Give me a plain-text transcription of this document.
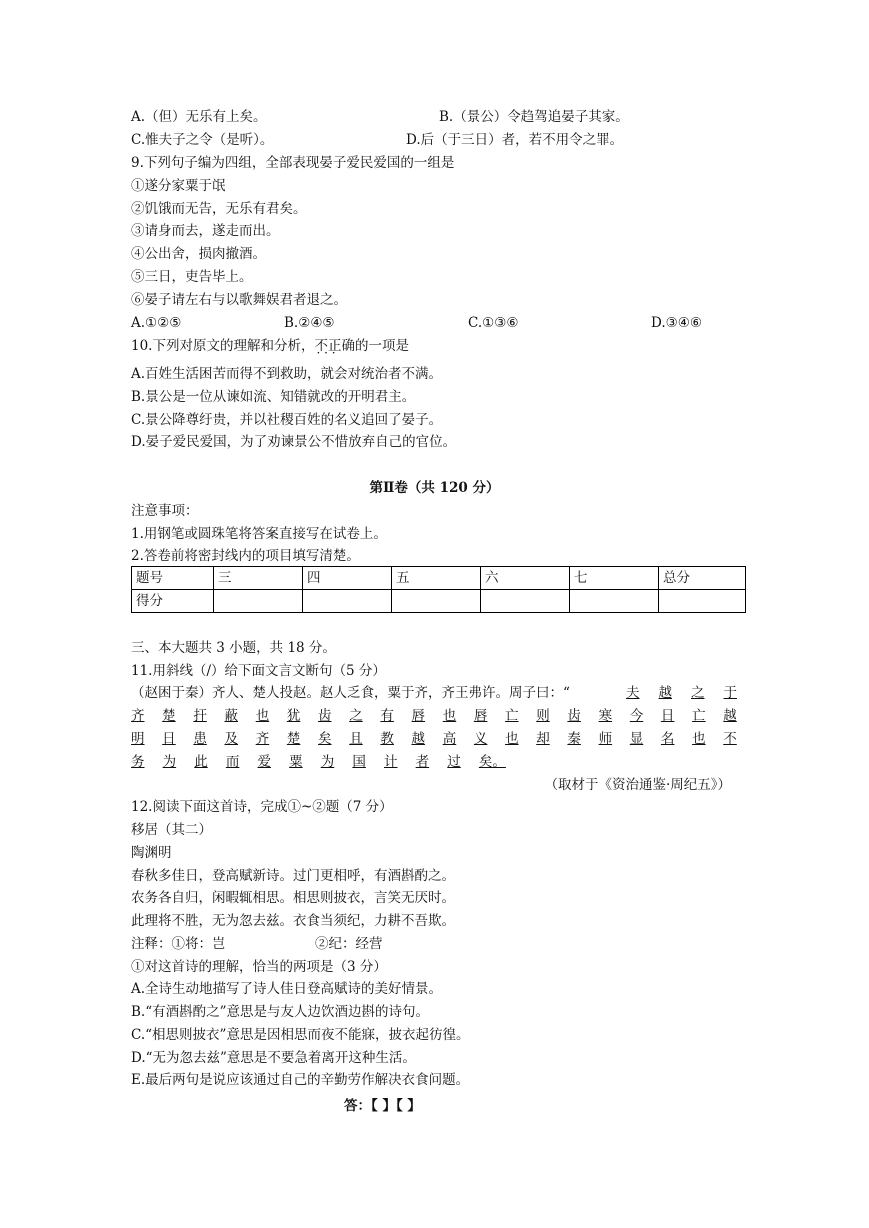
A.（但）无乐有上矣。	B.（景公）令趋驾追晏子其家。
C.惟夫子之令（是听）。	D.后（于三日）者，若不用令之罪。
9.下列句子编为四组，全部表现晏子爱民爱国的一组是
①遂分家粟于氓
②饥饿而无告，无乐有君矣。
③请身而去，遂走而出。
④公出舍，损肉撤酒。
⑤三日，吏告毕上。
⑥晏子请左右与以歌舞娱君者退之。
A.①②⑤	B.②④⑤	C.①③⑥	D.③④⑥
10.下列对原文的理解和分析，不正确 · · ·的一项是
A.百姓生活困苦而得不到救助，就会对统治者不满。
B.景公是一位从谏如流、知错就改的开明君主。
C.景公降尊纡贵，并以社稷百姓的名义追回了晏子。
D.晏子爱民爱国，为了劝谏景公不惜放弃自己的官位。
第Ⅱ卷（共 120 分）
注意事项：
1.用钢笔或圆珠笔将答案直接写在试卷上。
2.答卷前将密封线内的项目填写清楚。
题号	三	四	五	六	七	总分
得分						
三、本大题共 3 小题，共 18 分。
11.用斜线（/）给下面文言文断句（5 分）
（赵困于秦）齐人、楚人投赵。赵人乏食，粟于齐，齐王弗许。周子曰：“	夫 越 之 于
齐 楚 扞 蔽 也 犹 齿 之 有 唇 也 唇 亡 则 齿 寒 今 日 亡 越
明 日 患 及 齐 楚 矣 且 教 越 高 义 也 却 秦 师 显 名 也 不
务 为 此 而 爱 粟 为 国 计 者 过 矣。
（取材于《资治通鉴·周纪五》）
12.阅读下面这首诗，完成①~②题（7 分）
移居（其二）
陶渊明
春秋多佳日，登高赋新诗。过门更相呼，有酒斟酌之。
农务各自归，闲暇辄相思。相思则披衣，言笑无厌时。
此理将不胜，无为忽去兹。衣食当须纪，力耕不吾欺。
注释：①将：岂	②纪：经营
①对这首诗的理解，恰当的两项是（3 分）
A.全诗生动地描写了诗人佳日登高赋诗的美好情景。
B.“有酒斟酌之”意思是与友人边饮酒边斟的诗句。
C.“相思则披衣”意思是因相思而夜不能寐，披衣起彷徨。
D.“无为忽去兹”意思是不要急着离开这种生活。
E.最后两句是说应该通过自己的辛勤劳作解决衣食问题。
答：【 】【 】
